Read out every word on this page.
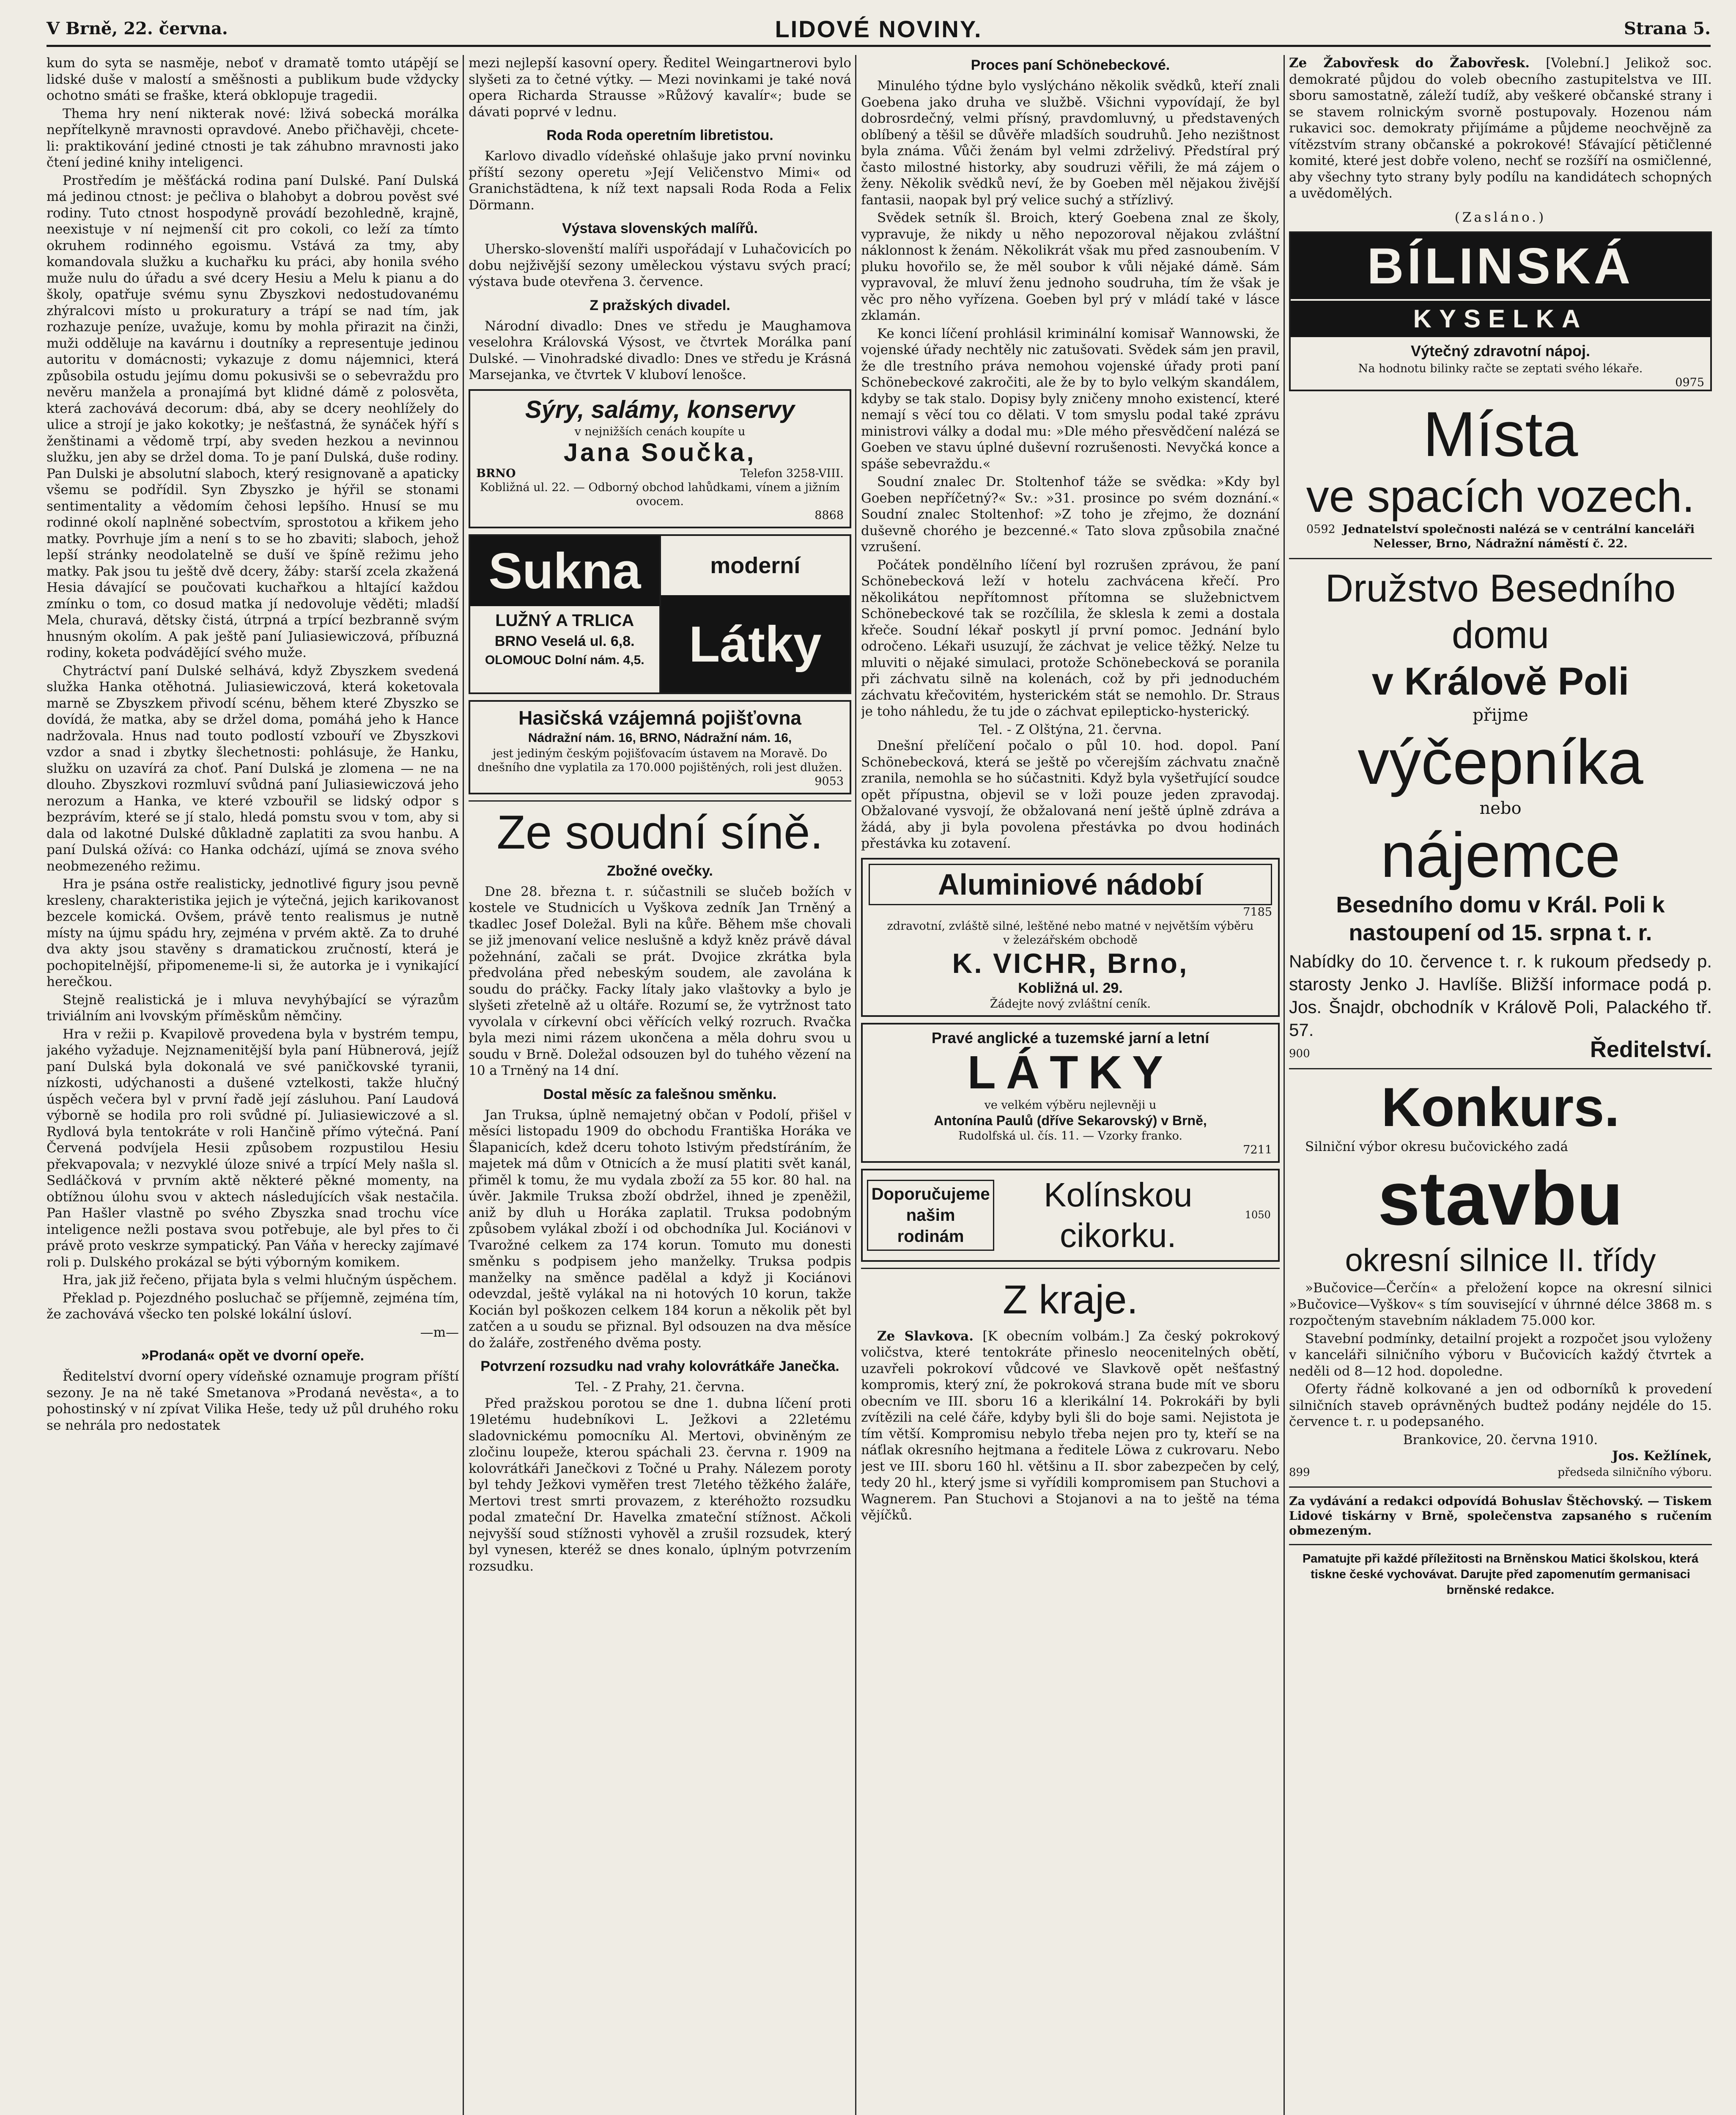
V Brně, 22. června.	LIDOVÉ NOVINY.	Strana 5.

kum do syta se nasměje, neboť v dramatě tomto utápějí se lidské duše v malostí a směšnosti a publikum bude vždycky ochotno smáti se fraške, která obklopuje tragedii.

Thema hry není nikterak nové: lživá sobecká morálka nepřítelkyně mravnosti opravdové. Anebo přičhavěji, chcete-li: praktikování jediné ctnosti je tak záhubno mravnosti jako čtení jediné knihy inteligenci.

Prostředím je měšťácká rodina paní Dulské. Paní Dulská má jedinou ctnost: je pečliva o blahobyt a dobrou pověst své rodiny. Tuto ctnost hospodyně provádí bezohledně, krajně, neexistuje v ní nejmenší cit pro cokoli, co leží za tímto okruhem rodinného egoismu. Vstává za tmy, aby komandovala služku a kuchařku ku práci, aby honila svého muže nulu do úřadu a své dcery Hesiu a Melu k pianu a do školy, opatřuje svému synu Zbyszkovi nedostudovanému zhýralcovi místo u prokuratury a trápí se nad tím, jak rozhazuje peníze, uvažuje, komu by mohla přirazit na činži, muži odděluje na kavárnu i doutníky a representuje jedinou autoritu v domácnosti; vykazuje z domu nájemnici, která způsobila ostudu jejímu domu pokusivši se o sebevraždu pro nevěru manžela a pronajímá byt klidné dámě z polosvěta, která zachovává decorum: dbá, aby se dcery neohlížely do ulice a strojí je jako kokotky; je nešťastná, že synáček hýří s ženštinami a vědomě trpí, aby sveden hezkou a nevinnou služku, jen aby se držel doma. To je paní Dulská, duše rodiny. Pan Dulski je absolutní slaboch, který resignovaně a apaticky všemu se podřídil. Syn Zbyszko je hýřil se stonami sentimentality a vědomím čehosi lepšího. Hnusí se mu rodinné okolí naplněné sobectvím, sprostotou a křikem jeho matky. Povrhuje jím a není s to se ho zbaviti; slaboch, jehož lepší stránky neodolatelně se duší ve špíně režimu jeho matky. Pak jsou tu ještě dvě dcery, žáby: starší zcela zkažená Hesia dávající se poučovati kuchařkou a hltající každou zmínku o tom, co dosud matka jí nedovoluje věděti; mladší Mela, churavá, dětsky čistá, útrpná a trpící bezbranně svým hnusným okolím. A pak ještě paní Juliasiewiczová, příbuzná rodiny, koketa podvádějící svého muže.

Chytráctví paní Dulské selhává, když Zbyszkem svedená služka Hanka otěhotná. Juliasiewiczová, která koketovala marně se Zbyszkem přivodí scénu, během které Zbyszko se dovídá, že matka, aby se držel doma, pomáhá jeho k Hance nadržovala. Hnus nad touto podlostí vzbouří ve Zbyszkovi vzdor a snad i zbytky šlechetnosti: pohlásuje, že Hanku, služku on uzavírá za choť. Paní Dulská je zlomena — ne na dlouho. Zbyszkovi rozmluví svůdná paní Juliasiewiczová jeho nerozum a Hanka, ve které vzbouřil se lidský odpor s bezprávím, které se jí stalo, hledá pomstu svou v tom, aby si dala od lakotné Dulské důkladně zaplatiti za svou hanbu. A paní Dulská ožívá: co Hanka odchází, ujímá se znova svého neobmezeného režimu.

Hra je psána ostře realisticky, jednotlivé figury jsou pevně kresleny, charakteristika jejich je výtečná, jejich karikovanost bezcele komická. Ovšem, právě tento realismus je nutně místy na újmu spádu hry, zejména v prvém aktě. Za to druhé dva akty jsou stavěny s dramatickou zručností, která je pochopitelnější, připomeneme-li si, že autorka je i vynikající herečkou.

Stejně realistická je i mluva nevyhýbající se výrazům triviálním ani lvovským příměskům němčiny.

Hra v režii p. Kvapilově provedena byla v bystrém tempu, jakého vyžaduje. Nejznamenitější byla paní Hübnerová, jejíž paní Dulská byla dokonalá ve své paničkovské tyranii, nízkosti, udýchanosti a dušené vztelkosti, takže hlučný úspěch večera byl v první řadě její zásluhou. Paní Laudová výborně se hodila pro roli svůdné pí. Juliasiewiczové a sl. Rydlová byla tentokráte v roli Hančině přímo výtečná. Paní Červená podvíjela Hesii způsobem rozpustilou Hesiu překvapovala; v nezvyklé úloze snivé a trpící Mely našla sl. Sedláčková v prvním aktě některé pěkné momenty, na obtížnou úlohu svou v aktech následujících však nestačila. Pan Hašler vlastně po svého Zbyszka snad trochu více inteligence nežli postava svou potřebuje, ale byl přes to či právě proto veskrze sympatický. Pan Váňa v herecky zajímavé roli p. Dulského prokázal se býti výborným komikem.

Hra, jak již řečeno, přijata byla s velmi hlučným úspěchem.

Překlad p. Pojezdného posluchač se příjemně, zejména tím, že zachovává všecko ten polské lokální úsloví.

—m—
»Prodaná« opět ve dvorní opeře.

Ředitelství dvorní opery vídeňské oznamuje program příští sezony. Je na ně také Smetanova »Prodaná nevěsta«, a to pohostinský v ní zpívat Vilika Heše, tedy už půl druhého roku se nehrála pro nedostatek

mezi nejlepší kasovní opery. Ředitel Weingartnerovi bylo slyšeti za to četné výtky. — Mezi novinkami je také nová opera Richarda Strausse »Růžový kavalír«; bude se dávati poprvé v lednu.

Roda Roda operetním libretistou.

Karlovo divadlo vídeňské ohlašuje jako první novinku příští sezony operetu »Její Veličenstvo Mimi« od Granichstädtena, k níž text napsali Roda Roda a Felix Dörmann.

Výstava slovenských malířů.

Uhersko-slovenští malíři uspořádají v Luhačovicích po dobu nejživější sezony uměleckou výstavu svých prací; výstava bude otevřena 3. července.

Z pražských divadel.

Národní divadlo: Dnes ve středu je Maughamova veselohra Královská Výsost, ve čtvrtek Morálka paní Dulské. — Vinohradské divadlo: Dnes ve středu je Krásná Marsejanka, ve čtvrtek V kluboví lenošce.

Sýry, salámy, konservy
v nejnižších cenách koupíte u
Jana Součka,
BRNO	Telefon 3258-VIII.
Kobližná ul. 22. — Odborný obchod lahůdkami, vínem a jižním ovocem.
8868
Sukna
LUŽNÝ A TRLICA
BRNO Veselá ul. 6,8.
OLOMOUC Dolní nám. 4,5.
moderní
Látky
Hasičská vzájemná pojišťovna
Nádražní nám. 16, BRNO, Nádražní nám. 16,
jest jediným českým pojišťovacím ústavem na Moravě. Do dnešního dne vyplatila za 170.000 pojištěných, roli jest dlužen.
9053
Ze soudní síně.
Zbožné ovečky.

Dne 28. března t. r. súčastnili se slučeb božích v kostele ve Studnicích u Vyškova zedník Jan Trněný a tkadlec Josef Doležal. Byli na kůře. Během mše chovali se již jmenovaní velice neslušně a když kněz právě dával požehnání, začali se prát. Dvojice zkrátka byla předvolána před nebeským soudem, ale zavolána k soudu do práčky. Facky lítaly jako vlaštovky a bylo je slyšeti zřetelně až u oltáře. Rozumí se, že vytržnost tato vyvolala v církevní obci věřících velký rozruch. Rvačka byla mezi nimi rázem ukončena a měla dohru svou u soudu v Brně. Doležal odsouzen byl do tuhého vězení na 10 a Trněný na 14 dní.

Dostal měsíc za falešnou směnku.

Jan Truksa, úplně nemajetný občan v Podolí, přišel v měsíci listopadu 1909 do obchodu Františka Horáka ve Šlapanicích, kdež dceru tohoto lstivým předstíráním, že majetek má dům v Otnicích a že musí platiti svět kanál, přiměl k tomu, že mu vydala zboží za 55 kor. 80 hal. na úvěr. Jakmile Truksa zboží obdržel, ihned je zpeněžil, aniž by dluh u Horáka zaplatil. Truksa podobným způsobem vylákal zboží i od obchodníka Jul. Kociánovi v Tvarožné celkem za 174 korun. Tomuto mu donesti směnku s podpisem jeho manželky. Truksa podpis manželky na směnce padělal a když ji Kociánovi odevzdal, ještě vylákal na ni hotových 10 korun, takže Kocián byl poškozen celkem 184 korun a několik pět byl zatčen a u soudu se přiznal. Byl odsouzen na dva měsíce do žaláře, zostřeného dvěma posty.

Potvrzení rozsudku nad vrahy kolovrátkáře Janečka.
Tel. - Z Prahy, 21. června.

Před pražskou porotou se dne 1. dubna líčení proti 19letému hudebníkovi L. Ježkovi a 22letému sladovnickému pomocníku Al. Mertovi, obviněným ze zločinu loupeže, kterou spáchali 23. června r. 1909 na kolovrátkáři Janečkovi z Točné u Prahy. Nálezem poroty byl tehdy Ježkovi vyměřen trest 7letého těžkého žaláře, Mertovi trest smrti provazem, z kteréhožto rozsudku podal zmateční Dr. Havelka zmateční stížnost. Ačkoli nejvyšší soud stížnosti vyhověl a zrušil rozsudek, který byl vynesen, kteréž se dnes konalo, úplným potvrzením rozsudku.

Proces paní Schönebeckové.

Minulého týdne bylo vyslýcháno několik svědků, kteří znali Goebena jako druha ve službě. Všichni vypovídají, že byl dobrosrdečný, velmi přísný, pravdomluvný, u představených oblíbený a těšil se důvěře mladších soudruhů. Jeho nezištnost byla známa. Vůči ženám byl velmi zdrželivý. Předstíral prý často milostné historky, aby soudruzi věřili, že má zájem o ženy. Několik svědků neví, že by Goeben měl nějakou živější fantasii, naopak byl prý velice suchý a střízlivý.

Svědek setník šl. Broich, který Goebena znal ze školy, vypravuje, že nikdy u něho nepozoroval nějakou zvláštní náklonnost k ženám. Několikrát však mu před zasnoubením. V pluku hovořilo se, že měl soubor k vůli nějaké dámě. Sám vypravoval, že mluví ženu jednoho soudruha, tím že však je věc pro něho vyřízena. Goeben byl prý v mládí také v lásce zklamán.

Ke konci líčení prohlásil kriminální komisař Wannowski, že vojenské úřady nechtěly nic zatušovati. Svědek sám jen pravil, že dle trestního práva nemohou vojenské úřady proti paní Schönebeckové zakročiti, ale že by to bylo velkým skandálem, kdyby se tak stalo. Dopisy byly zničeny mnoho existencí, které nemají s věcí tou co dělati. V tom smyslu podal také zprávu ministrovi války a dodal mu: »Dle mého přesvědčení nalézá se Goeben ve stavu úplné duševní rozrušenosti. Nevyčká konce a spáše sebevraždu.«

Soudní znalec Dr. Stoltenhof táže se svědka: »Kdy byl Goeben nepříčetný?« Sv.: »31. prosince po svém doznání.« Soudní znalec Stoltenhof: »Z toho je zřejmo, že doznání duševně chorého je bezcenné.« Tato slova způsobila značné vzrušení.

Počátek pondělního líčení byl rozrušen zprávou, že paní Schönebecková leží v hotelu zachvácena křečí. Pro několikátou nepřítomnost přítomna se služebnictvem Schönebeckové tak se rozčílila, že sklesla k zemi a dostala křeče. Soudní lékař poskytl jí první pomoc. Jednání bylo odročeno. Lékaři usuzují, že záchvat je velice těžký. Nelze tu mluviti o nějaké simulaci, protože Schönebecková se poranila při záchvatu silně na kolenách, což by při jednoduchém záchvatu křečovitém, hysterickém stát se nemohlo. Dr. Straus je toho náhledu, že tu jde o záchvat epilepticko-hysterický.

Tel. - Z Olštýna, 21. června.

Dnešní přelíčení počalo o půl 10. hod. dopol. Paní Schönebecková, která se ještě po včerejším záchvatu značně zranila, nemohla se ho súčastniti. Když byla vyšetřující soudce opět přípustna, objevil se v loži pouze jeden zpravodaj. Obžalované vysvojí, že obžalovaná není ještě úplně zdráva a žádá, aby ji byla povolena přestávka po dvou hodinách přestávka ku zotavení.

Aluminiové nádobí
7185
zdravotní, zvláště silné, leštěné nebo matné v největším výběru
v železářském obchodě
K. VICHR, Brno,
Kobližná ul. 29.
Žádejte nový zvláštní ceník.
Pravé anglické a tuzemské jarní a letní
LÁTKY
ve velkém výběru nejlevněji u
Antonína Paulů (dříve Sekarovský) v Brně,
Rudolfská ul. čís. 11. — Vzorky franko.
7211
Doporučujeme
našim
rodinám
Kolínskou cikorku.
1050
Z kraje.

Ze Slavkova. [K obecním volbám.] Za český pokrokový voličstva, které tentokráte přineslo neocenitelných obětí, uzavřeli pokrokoví vůdcové ve Slavkově opět nešťastný kompromis, který zní, že pokroková strana bude mít ve sboru obecním ve III. sboru 16 a klerikální 14. Pokrokáři by byli zvítězili na celé čáře, kdyby byli šli do boje sami. Nejistota je tím větší. Kompromisu nebylo třeba nejen pro ty, kteří se na náťlak okresního hejtmana a ředitele Löwa z cukrovaru. Nebo jest ve III. sboru 160 hl. většinu a II. sbor zabezpečen by celý, tedy 20 hl., který jsme si vyřídili kompromisem pan Stuchovi a Wagnerem. Pan Stuchovi a Stojanovi a na to ještě na téma vějíčků.

Ze Žabovřesk do Žabovřesk. [Volební.] Jelikož soc. demokraté půjdou do voleb obecního zastupitelstva ve III. sboru samostatně, záleží tudíž, aby veškeré občanské strany i se stavem rolnickým svorně postupovaly. Hozenou nám rukavici soc. demokraty přijímáme a půjdeme neochvějně za vítězstvím strany občanské a pokrokové! Sťávající pětičlenné komité, které jest dobře voleno, nechť se rozšíří na osmičlenné, aby všechny tyto strany byly podílu na kandidátech schopných a uvědomělých.

(Zasláno.)
BÍLINSKÁ
KYSELKA
Výtečný zdravotní nápoj.
Na hodnotu bilinky račte se zeptati svého lékaře.
0975
Místa
ve spacích vozech.
0592 Jednatelství společnosti nalézá se v centrální kanceláři Nelesser, Brno, Nádražní náměstí č. 22.
Družstvo Besedního domu
v Královĕ Poli
přijme
výčepníka
nebo
nájemce
Besedního domu v Král. Poli k nastoupení od 15. srpna t. r.
Nabídky do 10. července t. r. k rukoum předsedy p. starosty Jenko J. Havlíše. Bližší informace podá p. Jos. Šnajdr, obchodník v Královĕ Poli, Palackého tř. 57.
900	Ředitelství.
Konkurs.

Silniční výbor okresu bučovického zadá

stavbu
okresní silnice II. třídy

»Bučovice—Čerčín« a přeložení kopce na okresní silnici »Bučovice—Vyškov« s tím související v úhrnné délce 3868 m. s rozpočteným stavebním nákladem 75.000 kor.

Stavební podmínky, detailní projekt a rozpočet jsou vyloženy v kanceláři silničního výboru v Bučovicích každý čtvrtek a neděli od 8—12 hod. dopoledne.

Oferty řádně kolkované a jen od odborníků k provedení silničních staveb oprávněných budtež podány nejdéle do 15. července t. r. u podepsaného.

Brankovice, 20. června 1910.
Jos. Kežlínek,
899	předseda silničního výboru.
Za vydávání a redakci odpovídá Bohuslav Štěchovský. — Tiskem Lidové tiskárny v Brně, společenstva zapsaného s ručením obmezeným.
Pamatujte při každé příležitosti na Brněnskou Matici školskou, která tiskne české vychovávat. Darujte před zapomenutím germanisaci brněnské redakce.
